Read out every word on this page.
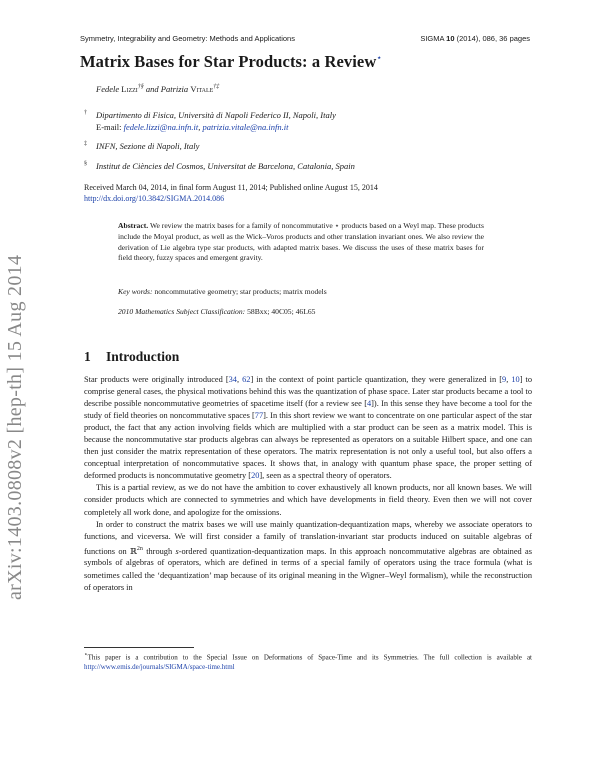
Symmetry, Integrability and Geometry: Methods and Applications	SIGMA 10 (2014), 086, 36 pages
Matrix Bases for Star Products: a Review⋆
Fedele Lizzi†§ and Patrizia Vitale†‡
† Dipartimento di Fisica, Università di Napoli Federico II, Napoli, Italy
E-mail: fedele.lizzi@na.infn.it, patrizia.vitale@na.infn.it
‡ INFN, Sezione di Napoli, Italy
§ Institut de Ciències del Cosmos, Universitat de Barcelona, Catalonia, Spain
Received March 04, 2014, in final form August 11, 2014; Published online August 15, 2014
http://dx.doi.org/10.3842/SIGMA.2014.086
Abstract. We review the matrix bases for a family of noncommutative ⋆ products based on a Weyl map. These products include the Moyal product, as well as the Wick–Voros products and other translation invariant ones. We also review the derivation of Lie algebra type star products, with adapted matrix bases. We discuss the uses of these matrix bases for field theory, fuzzy spaces and emergent gravity.
Key words: noncommutative geometry; star products; matrix models
2010 Mathematics Subject Classification: 58Bxx; 40C05; 46L65
arXiv:1403.0808v2 [hep-th] 15 Aug 2014	1 Introduction

Star products were originally introduced [34, 62] in the context of point particle quantization, they were generalized in [9, 10] to comprise general cases, the physical motivations behind this was the quantization of phase space. Later star products became a tool to describe possible noncommutative geometries of spacetime itself (for a review see [4]). In this sense they have become a tool for the study of field theories on noncommutative spaces [77]. In this short review we want to concentrate on one particular aspect of the star product, the fact that any action involving fields which are multiplied with a star product can be seen as a matrix model. This is because the noncommutative star products algebras can always be represented as operators on a suitable Hilbert space, and one can then just consider the matrix representation of these operators. The matrix representation is not only a useful tool, but also offers a conceptual interpretation of noncommutative spaces. It shows that, in analogy with quantum phase space, the proper setting of deformed products is noncommutative geometry [20], seen as a spectral theory of operators.

This is a partial review, as we do not have the ambition to cover exhaustively all known products, nor all known bases. We will consider products which are connected to symmetries and which have developments in field theory. Even then we will not cover completely all work done, and apologize for the omissions.

In order to construct the matrix bases we will use mainly quantization-dequantization maps, whereby we associate operators to functions, and viceversa. We will first consider a family of translation-invariant star products induced on suitable algebras of functions on ℝ$^{2n}$ through s-ordered quantization-dequantization maps. In this approach noncommutative algebras are obtained as symbols of algebras of operators, which are defined in terms of a special family of operators using the trace formula (what is sometimes called the ‘dequantization’ map because of its original meaning in the Wigner–Weyl formalism), while the reconstruction of operators in

⋆This paper is a contribution to the Special Issue on Deformations of Space-Time and its Symmetries. The full collection is available at http://www.emis.de/journals/SIGMA/space-time.html
